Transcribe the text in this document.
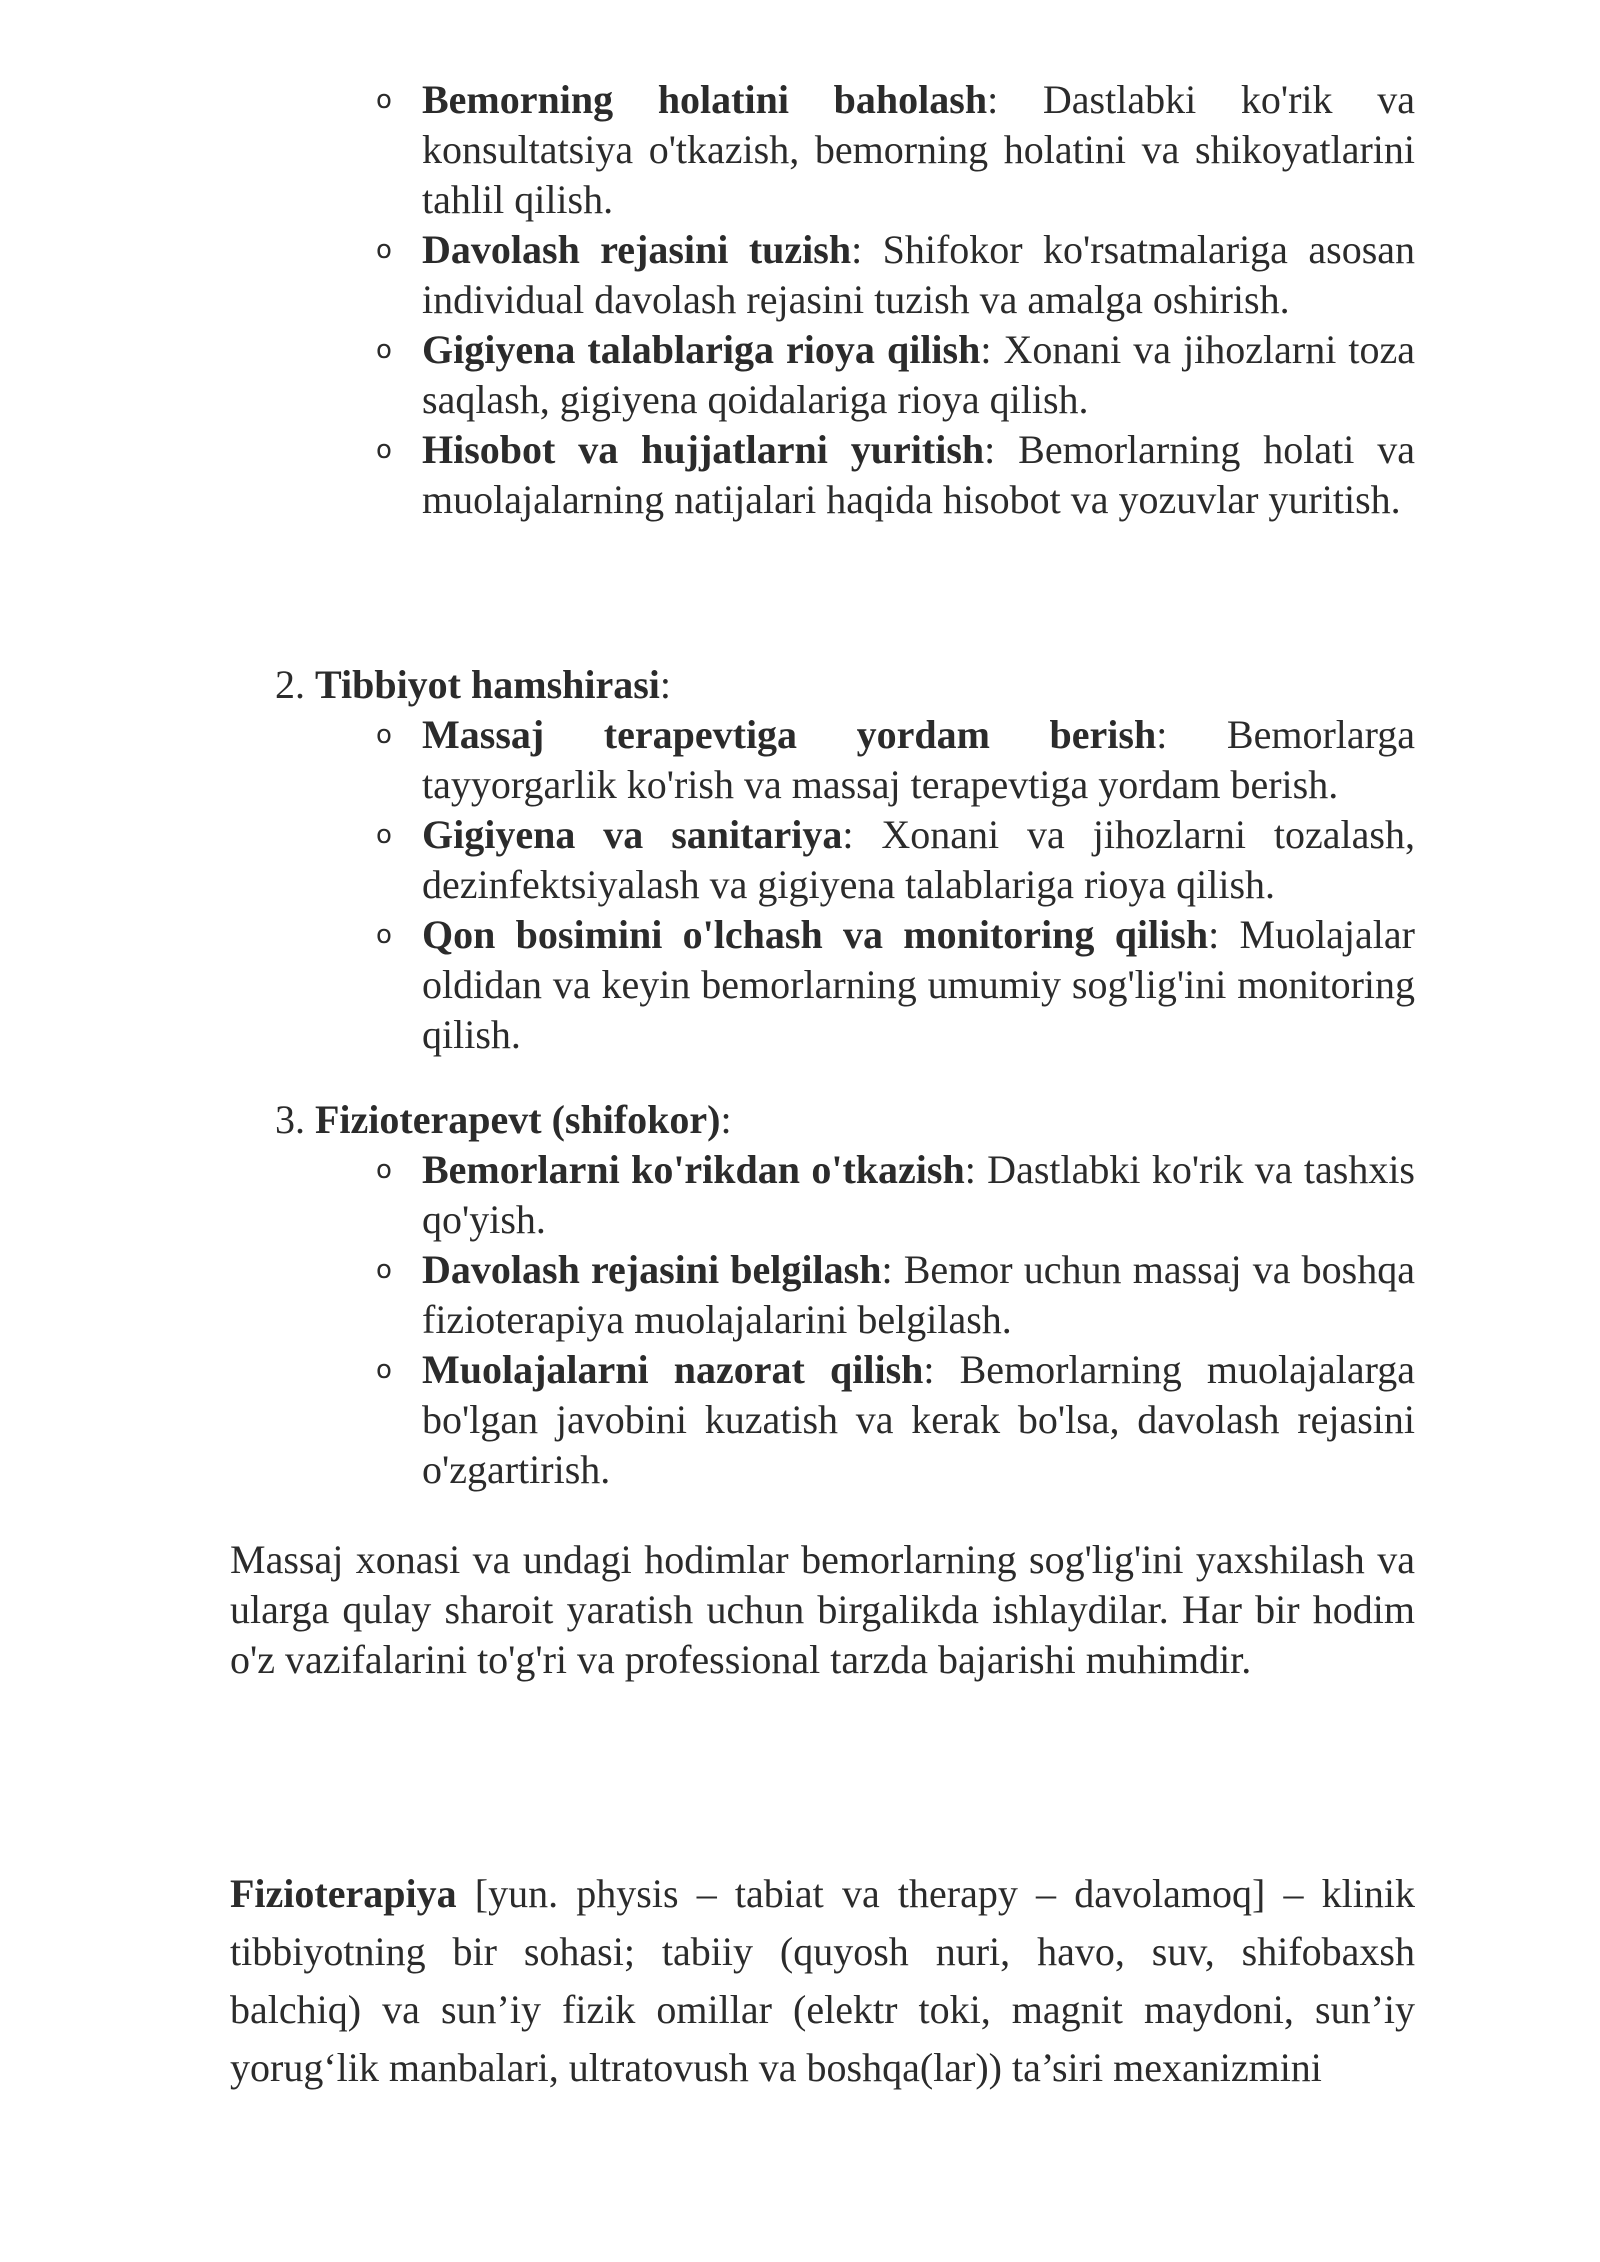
o Bemorning holatini baholash: Dastlabki ko'rik va konsultatsiya o'tkazish, bemorning holatini va shikoyatlarini tahlil qilish.
o Davolash rejasini tuzish: Shifokor ko'rsatmalariga asosan individual davolash rejasini tuzish va amalga oshirish.
o Gigiyena talablariga rioya qilish: Xonani va jihozlarni toza saqlash, gigiyena qoidalariga rioya qilish.
o Hisobot va hujjatlarni yuritish: Bemorlarning holati va muolajalarning natijalari haqida hisobot va yozuvlar yuritish.
2. Tibbiyot hamshirasi:
o Massaj terapevtiga yordam berish: Bemorlarga tayyorgarlik ko'rish va massaj terapevtiga yordam berish.
o Gigiyena va sanitariya: Xonani va jihozlarni tozalash, dezinfektsiyalash va gigiyena talablariga rioya qilish.
o Qon bosimini o'lchash va monitoring qilish: Muolajalar oldidan va keyin bemorlarning umumiy sog'lig'ini monitoring qilish.
3. Fizioterapevt (shifokor):
o Bemorlarni ko'rikdan o'tkazish: Dastlabki ko'rik va tashxis qo'yish.
o Davolash rejasini belgilash: Bemor uchun massaj va boshqa fizioterapiya muolajalarini belgilash.
o Muolajalarni nazorat qilish: Bemorlarning muolajalarga bo'lgan javobini kuzatish va kerak bo'lsa, davolash rejasini o'zgartirish.

Massaj xonasi va undagi hodimlar bemorlarning sog'lig'ini yaxshilash va ularga qulay sharoit yaratish uchun birgalikda ishlaydilar. Har bir hodim o'z vazifalarini to'g'ri va professional tarzda bajarishi muhimdir.

Fizioterapiya [yun. physis – tabiat va therapy – davolamoq] – klinik tibbiyotning bir sohasi; tabiiy (quyosh nuri, havo, suv, shifobaxsh balchiq) va sun’iy fizik omillar (elektr toki, magnit maydoni, sun’iy yorug‘lik manbalari, ultratovush va boshqa(lar)) ta’siri mexanizmini
